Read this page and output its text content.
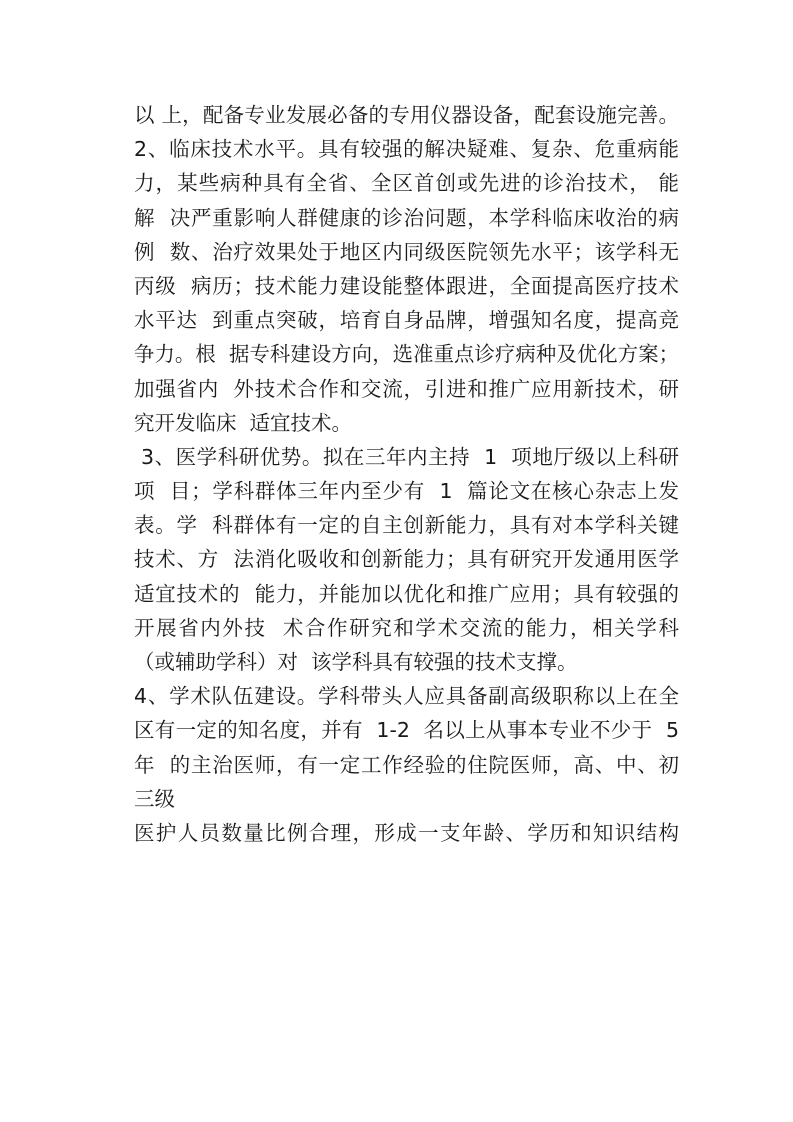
以 上，配备专业发展必备的专用仪器设备，配套设施完善。
2、临床技术水平。具有较强的解决疑难、复杂、危重病能
力，某些病种具有全省、全区首创或先进的诊治技术， 能
解  决严重影响人群健康的诊治问题，本学科临床收治的病
例  数、治疗效果处于地区内同级医院领先水平；该学科无
丙级  病历；技术能力建设能整体跟进，全面提高医疗技术
水平达  到重点突破，培育自身品牌，增强知名度，提高竞
争力。根  据专科建设方向，选准重点诊疗病种及优化方案；
加强省内  外技术合作和交流，引进和推广应用新技术，研
究开发临床  适宜技术。
3、医学科研优势。拟在三年内主持  1  项地厅级以上科研
项  目；学科群体三年内至少有  1  篇论文在核心杂志上发
表。学  科群体有一定的自主创新能力，具有对本学科关键
技术、方  法消化吸收和创新能力；具有研究开发通用医学
适宜技术的  能力，并能加以优化和推广应用；具有较强的
开展省内外技  术合作研究和学术交流的能力，相关学科
（或辅助学科）对  该学科具有较强的技术支撑。
4、学术队伍建设。学科带头人应具备副高级职称以上在全
区有一定的知名度，并有  1-2  名以上从事本专业不少于  5
年  的主治医师，有一定工作经验的住院医师，高、中、初
三级
医护人员数量比例合理，形成一支年龄、学历和知识结构
